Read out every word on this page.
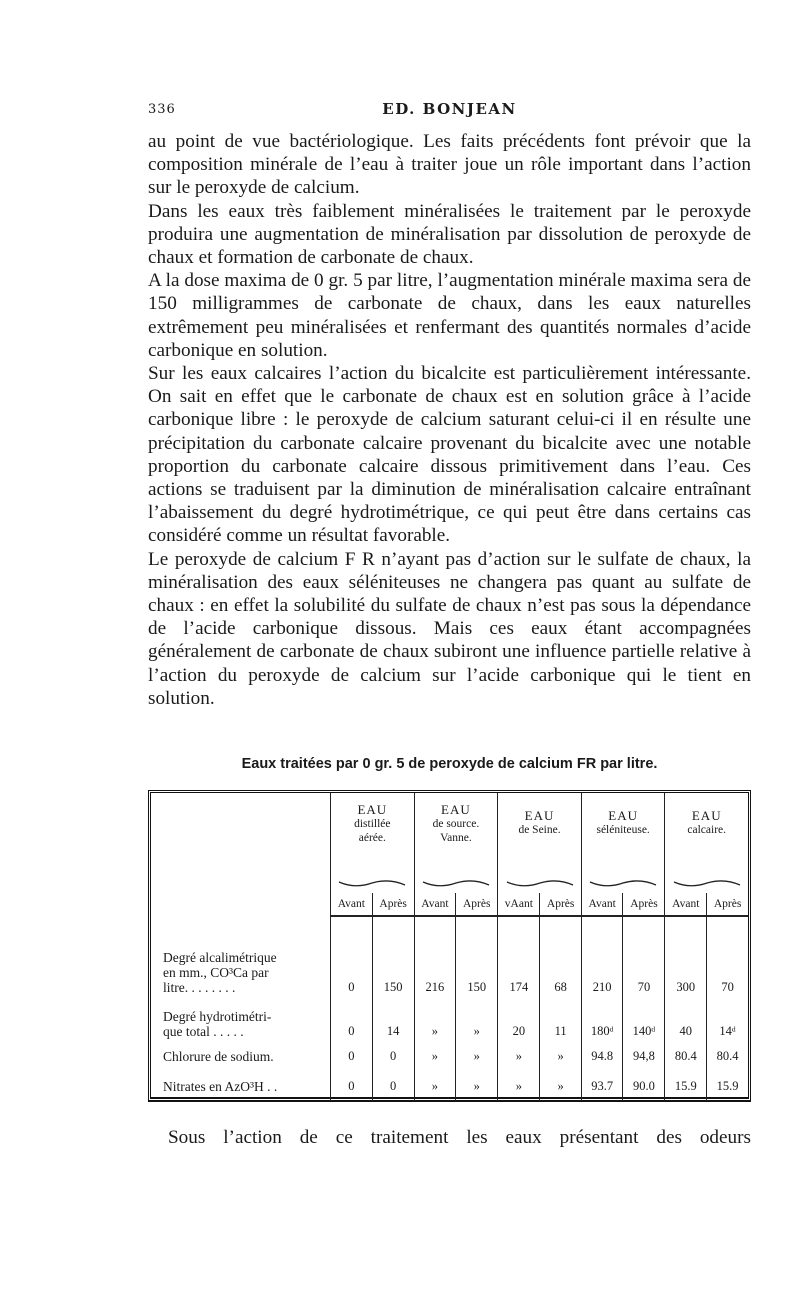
336	ED. BONJEAN

au point de vue bactériologique. Les faits précédents font prévoir que la composition minérale de l’eau à traiter joue un rôle important dans l’action sur le peroxyde de calcium.

Dans les eaux très faiblement minéralisées le traitement par le peroxyde produira une augmentation de minéralisation par dissolution de peroxyde de chaux et formation de carbonate de chaux.

A la dose maxima de 0 gr. 5 par litre, l’augmentation minérale maxima sera de 150 milligrammes de carbonate de chaux, dans les eaux naturelles extrêmement peu minéralisées et renfermant des quantités normales d’acide carbonique en solution.

Sur les eaux calcaires l’action du bicalcite est particulièrement intéressante. On sait en effet que le carbonate de chaux est en solution grâce à l’acide carbonique libre : le peroxyde de calcium saturant celui-ci il en résulte une précipitation du carbonate calcaire provenant du bicalcite avec une notable proportion du carbonate calcaire dissous primitivement dans l’eau. Ces actions se traduisent par la diminution de minéralisation calcaire entraînant l’abaissement du degré hydrotimétrique, ce qui peut être dans certains cas considéré comme un résultat favorable.

Le peroxyde de calcium F R n’ayant pas d’action sur le sulfate de chaux, la minéralisation des eaux séléniteuses ne changera pas quant au sulfate de chaux : en effet la solubilité du sulfate de chaux n’est pas sous la dépendance de l’acide carbonique dissous. Mais ces eaux étant accompagnées généralement de carbonate de chaux subiront une influence partielle relative à l’action du peroxyde de calcium sur l’acide carbonique qui le tient en solution.

Eaux traitées par 0 gr. 5 de peroxyde de calcium FR par litre.

	EAU
distillée
aérée.		EAU
de source.
Vanne.		EAU
de Seine.		EAU
séléniteuse.		EAU
calcaire.	

	Avant	Après	Avant	Après	vAant	Après	Avant	Après	Avant	Après

Degré alcalimétrique
en mm., CO³Ca par
litre. . . . . . . .	0	150	216	150	174	68	210	70	300	70
Degré hydrotimétri-
que total . . . . .	0	14	»	»	20	11	180ᵈ	140ᵈ	40	14ᵈ
Chlorure de sodium.	0	0	»	»	»	»	94.8	94,8	80.4	80.4
Nitrates en AzO³H . .	0	0	»	»	»	»	93.7	90.0	15.9	15.9
Sous l’action de ce traitement les eaux présentant des odeurs
